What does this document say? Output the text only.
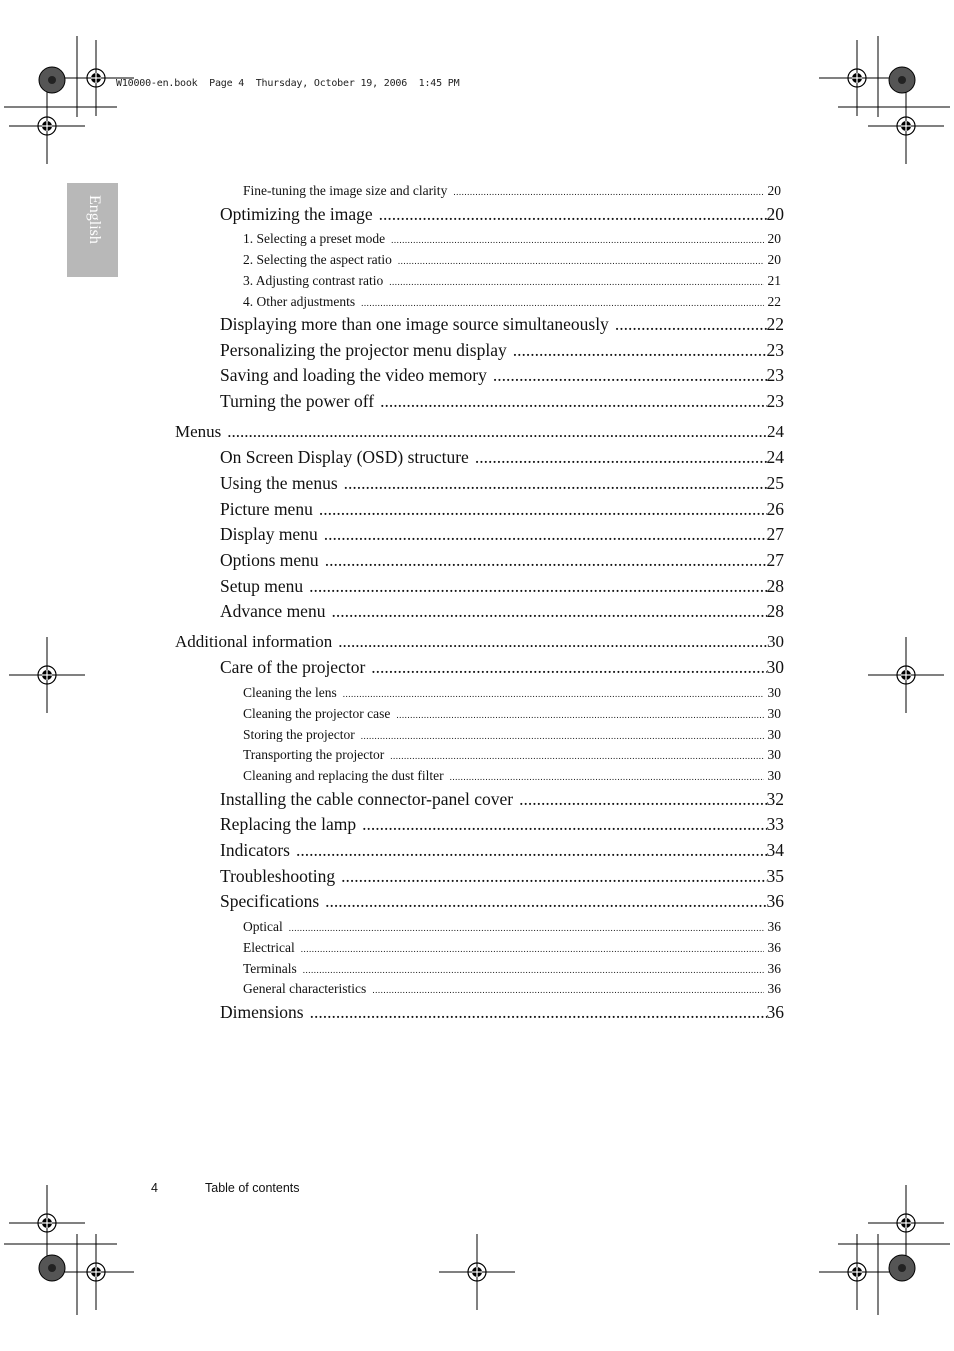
W10000-en.book  Page 4  Thursday, October 19, 2006  1:45 PM
English
Fine-tuning the image size and clarity .....	20
Optimizing the image .....	20
1. Selecting a preset mode .....	20
2. Selecting the aspect ratio .....	20
3. Adjusting contrast ratio .....	21
4. Other adjustments .....	22
Displaying more than one image source simultaneously .....	22
Personalizing the projector menu display .....	23
Saving and loading the video memory .....	23
Turning the power off .....	23
Menus .....	24
On Screen Display (OSD) structure .....	24
Using the menus .....	25
Picture menu .....	26
Display menu .....	27
Options menu .....	27
Setup menu .....	28
Advance menu .....	28
Additional information .....	30
Care of the projector .....	30
Cleaning the lens .....	30
Cleaning the projector case .....	30
Storing the projector .....	30
Transporting the projector .....	30
Cleaning and replacing the dust filter .....	30
Installing the cable connector-panel cover .....	32
Replacing the lamp .....	33
Indicators .....	34
Troubleshooting .....	35
Specifications .....	36
Optical .....	36
Electrical .....	36
Terminals .....	36
General characteristics .....	36
Dimensions .....	36
4	Table of contents
